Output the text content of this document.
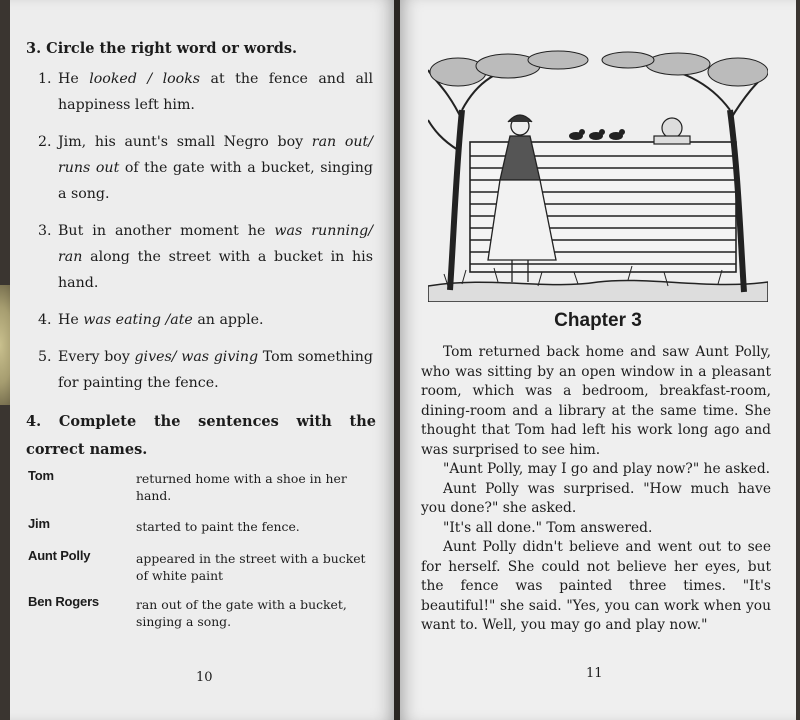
3. Circle the right word or words.
1. He looked / looks at the fence and all happiness left him.
2. Jim, his aunt's small Negro boy ran out/ runs out of the gate with a bucket, singing a song.
3. But in another moment he was running/ ran along the street with a bucket in his hand.
4. He was eating /ate an apple.
5. Every boy gives/ was giving Tom something for painting the fence.
4. Complete the sentences with the correct names.
Tom	returned home with a shoe in her hand.
Jim	started to paint the fence.
Aunt Polly	appeared in the street with a bucket of white paint
Ben Rogers	ran out of the gate with a bucket, singing a song.
10
Chapter 3

Tom returned back home and saw Aunt Polly, who was sitting by an open window in a pleasant room, which was a bedroom, breakfast-room, dining-room and a library at the same time. She thought that Tom had left his work long ago and was surprised to see him.

"Aunt Polly, may I go and play now?" he asked.

Aunt Polly was surprised. "How much have you done?" she asked.

"It's all done." Tom answered.

Aunt Polly didn't believe and went out to see for herself. She could not believe her eyes, but the fence was painted three times. "It's beautiful!" she said. "Yes, you can work when you want to. Well, you may go and play now."

11
